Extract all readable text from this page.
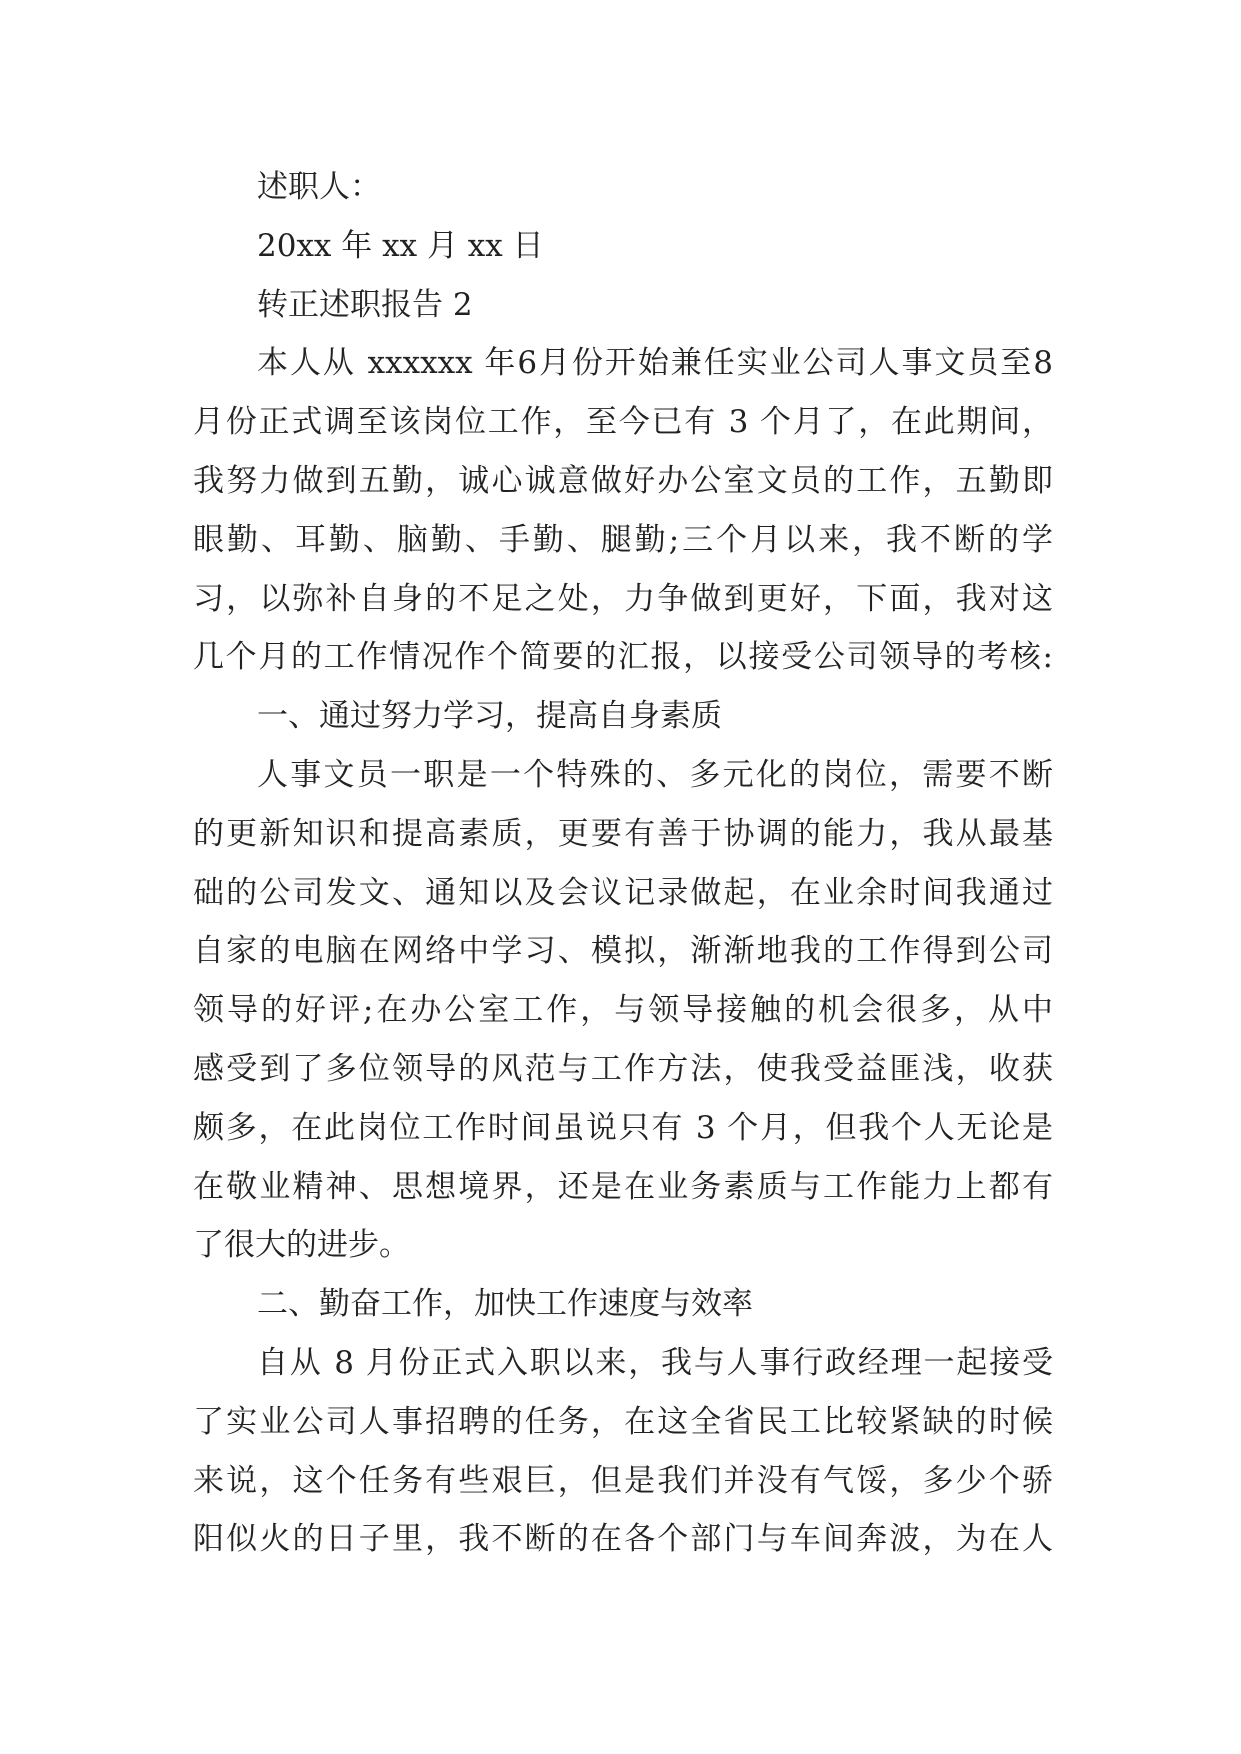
述职人：
20xx 年 xx 月 xx 日
转正述职报告 2
本人从 xxxxxx 年6月份开始兼任实业公司人事文员至8
月份正式调至该岗位工作，至今已有 3 个月了，在此期间，
我努力做到五勤，诚心诚意做好办公室文员的工作，五勤即
眼勤、耳勤、脑勤、手勤、腿勤;三个月以来，我不断的学
习，以弥补自身的不足之处，力争做到更好，下面，我对这
几个月的工作情况作个简要的汇报，以接受公司领导的考核:
一、通过努力学习，提高自身素质
人事文员一职是一个特殊的、多元化的岗位，需要不断
的更新知识和提高素质，更要有善于协调的能力，我从最基
础的公司发文、通知以及会议记录做起，在业余时间我通过
自家的电脑在网络中学习、模拟，渐渐地我的工作得到公司
领导的好评;在办公室工作，与领导接触的机会很多，从中
感受到了多位领导的风范与工作方法，使我受益匪浅，收获
颇多，在此岗位工作时间虽说只有 3 个月，但我个人无论是
在敬业精神、思想境界，还是在业务素质与工作能力上都有
了很大的进步。
二、勤奋工作，加快工作速度与效率
自从 8 月份正式入职以来，我与人事行政经理一起接受
了实业公司人事招聘的任务，在这全省民工比较紧缺的时候
来说，这个任务有些艰巨，但是我们并没有气馁，多少个骄
阳似火的日子里，我不断的在各个部门与车间奔波，为在人
